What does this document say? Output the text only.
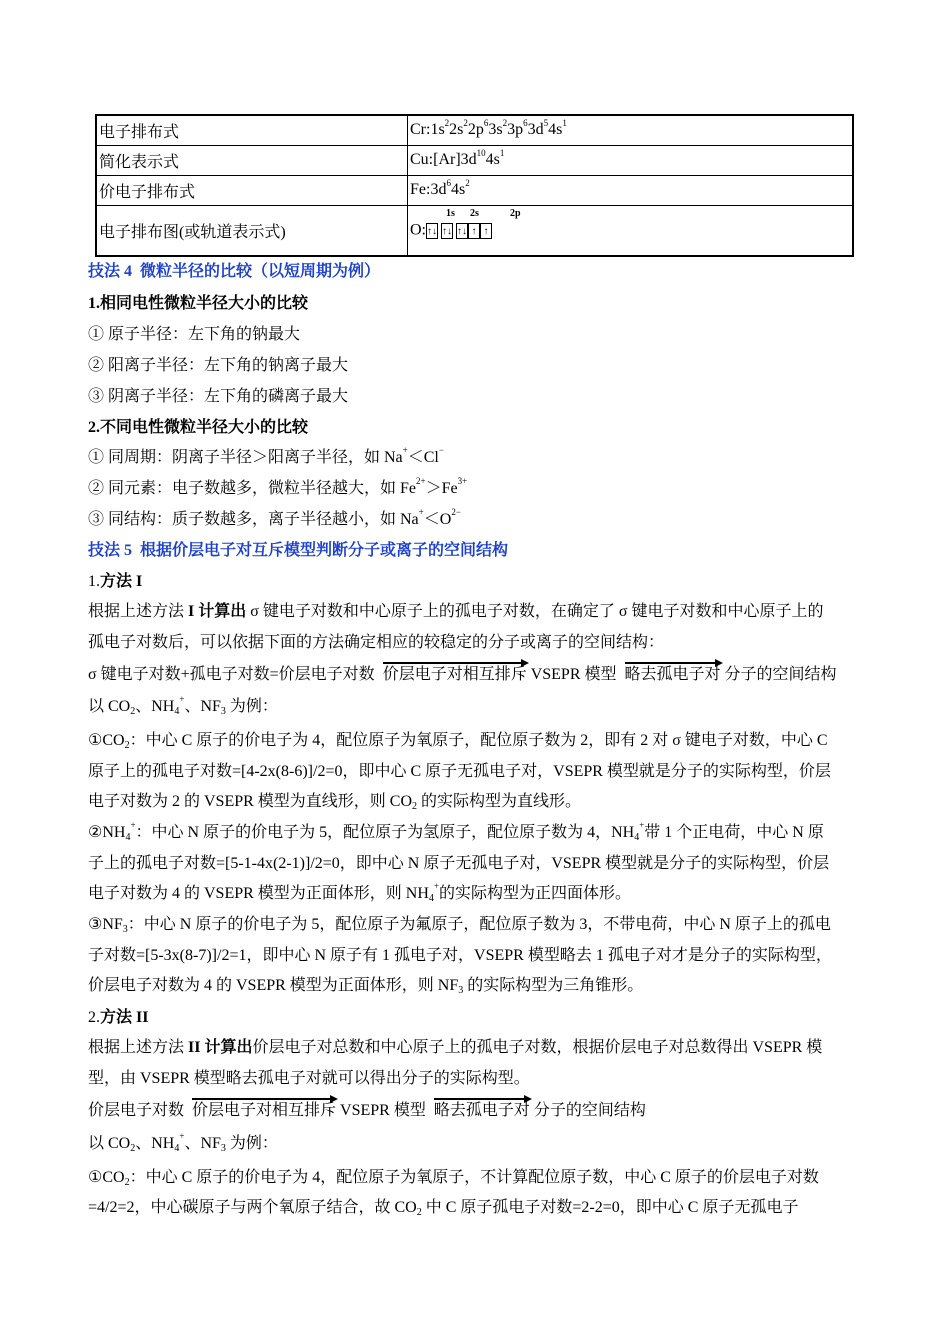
电子排布式	$Cr:1s^22s^22p^63s^23p^63d^54s^1$
简化表示式	$Cu:[Ar]3d^{10}4s^1$
价电子排布式	$Fe:3d^64s^2$
电子排布图(或轨道表示式)	O:
1s 2s 2p
↑↓ ↑↓ ↑↓ ↑ ↑
技法 4  微粒半径的比较（以短周期为例）
1.相同电性微粒半径大小的比较
① 原子半径：左下角的钠最大
② 阳离子半径：左下角的钠离子最大
③ 阴离子半径：左下角的磷离子最大
2.不同电性微粒半径大小的比较
① 同周期：阴离子半径＞阳离子半径，如 Na+＜Cl−
② 同元素：电子数越多，微粒半径越大，如 $Fe^{2+}>Fe^{3+}$
③ 同结构：质子数越多，离子半径越小，如 $Na^+<O^{2-}$
技法 5  根据价层电子对互斥模型判断分子或离子的空间结构
1.方法 I
根据上述方法 I 计算出 σ 键电子对数和中心原子上的孤电子对数，在确定了 σ 键电子对数和中心原子上的
孤电子对数后，可以依据下面的方法确定相应的较稳定的分子或离子的空间结构：
σ 键电子对数+孤电子对数=价层电子对数
价层电子对相互排斥 VSEPR 模型
略去孤电子对 分子的空间结构
以 CO2、NH4+、NF3 为例：
①CO2：中心 C 原子的价电子为 4，配位原子为氧原子，配位原子数为 2，即有 2 对 σ 键电子对数，中心 C
原子上的孤电子对数=[4-2x(8-6)]/2=0，即中心 C 原子无孤电子对，VSEPR 模型就是分子的实际构型，价层
电子对数为 2 的 VSEPR 模型为直线形，则 CO2 的实际构型为直线形。
②NH4+：中心 N 原子的价电子为 5，配位原子为氢原子，配位原子数为 4，NH4+带 1 个正电荷，中心 N 原
子上的孤电子对数=[5-1-4x(2-1)]/2=0，即中心 N 原子无孤电子对，VSEPR 模型就是分子的实际构型，价层
电子对数为 4 的 VSEPR 模型为正面体形，则 NH4+的实际构型为正四面体形。
③NF3：中心 N 原子的价电子为 5，配位原子为氟原子，配位原子数为 3，不带电荷，中心 N 原子上的孤电
子对数=[5-3x(8-7)]/2=1，即中心 N 原子有 1 孤电子对，VSEPR 模型略去 1 孤电子对才是分子的实际构型，
价层电子对数为 4 的 VSEPR 模型为正面体形，则 NF3 的实际构型为三角锥形。
2.方法 II
根据上述方法 II 计算出价层电子对总数和中心原子上的孤电子对数，根据价层电子对总数得出 VSEPR 模
型，由 VSEPR 模型略去孤电子对就可以得出分子的实际构型。
价层电子对数
价层电子对相互排斥 VSEPR 模型
略去孤电子对 分子的空间结构
以 CO2、NH4+、NF3 为例：
①CO2：中心 C 原子的价电子为 4，配位原子为氧原子，不计算配位原子数，中心 C 原子的价层电子对数
=4/2=2，中心碳原子与两个氧原子结合，故 CO2 中 C 原子孤电子对数=2-2=0，即中心 C 原子无孤电子
